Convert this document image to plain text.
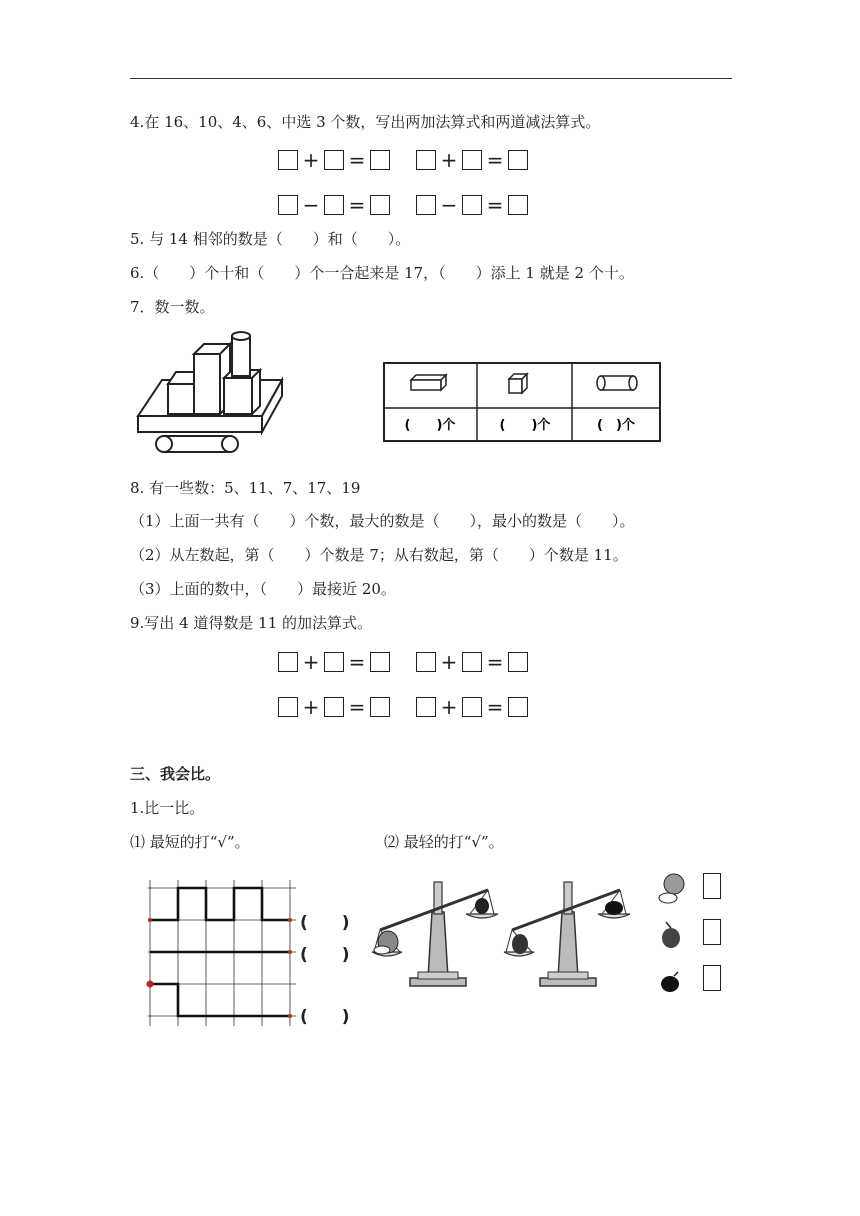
4.在 16、10、4、6、中选 3 个数，写出两加法算式和两道减法算式。
+ =	+ =
− =	− =
5. 与 14 相邻的数是（　　）和（　　）。
6.（　　）个十和（　　）个一合起来是 17，（　　）添上 1 就是 2 个十。
7．数一数。
(　　)个	(　　)个	(　)个
8. 有一些数：5、11、7、17、19
（1）上面一共有（　　）个数，最大的数是（　　），最小的数是（　　）。
（2）从左数起，第（　　）个数是 7；从右数起，第（　　）个数是 11。
（3）上面的数中，（　　）最接近 20。
9.写出 4 道得数是 11 的加法算式。
+ =	+ =
+ =	+ =
三、我会比。
1.比一比。
⑴ 最短的打“√”。	⑵ 最轻的打“√”。
(　　)
(　　)
(　　)
